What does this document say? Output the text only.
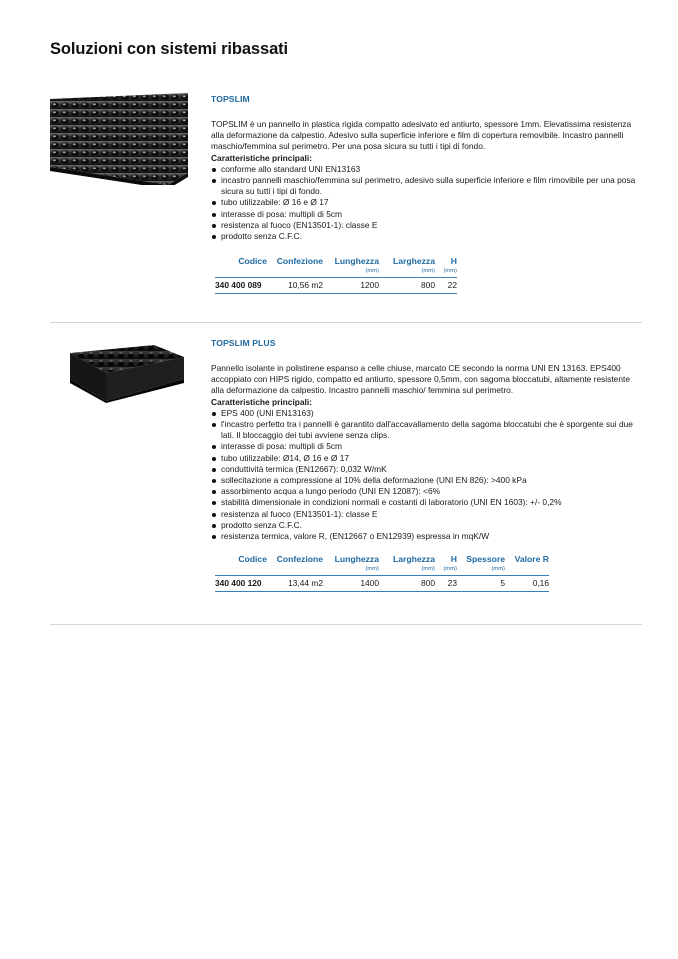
Soluzioni con sistemi ribassati
TOPSLIM

TOPSLIM è un pannello in plastica rigida compatto adesivato ed antiurto, spessore 1mm. Elevatissima resistenza alla deformazione da calpestio. Adesivo sulla superficie inferiore e film di copertura removibile. Incastro pannelli maschio/femmina sul perimetro. Per una posa sicura su tutti i tipi di fondo.

Caratteristiche principali:

conforme allo standard UNI EN13163
incastro pannelli maschio/femmina sul perimetro, adesivo sulla superficie inferiore e film rimovibile per una posa sicura su tutti i tipi di fondo.
tubo utilizzabile: Ø 16 e Ø 17
interasse di posa: multipli di 5cm
resistenza al fuoco (EN13501-1): classe E
prodotto senza C.F.C.
Codice	Confezione	Lunghezza	Larghezza	H
		(mm)	(mm)	(mm)
340 400 089	10,56 m2	1200	800	22
TOPSLIM PLUS

Pannello isolante in polistirene espanso a celle chiuse, marcato CE secondo la norma UNI EN 13163. EPS400 accoppiato con HIPS rigido, compatto ed antiurto, spessore 0,5mm, con sagoma bloccatubi, altamente resistente alla deformazione da calpestio. Incastro pannelli maschio/ femmina sul perimetro.

Caratteristiche principali:

EPS 400 (UNI EN13163)
l'incastro perfetto tra i pannelli è garantito dall'accavallamento della sagoma bloccatubi che è sporgente sui due lati. Il bloccaggio dei tubi avviene senza clips.
interasse di posa: multipli di 5cm
tubo utilizzabile: Ø14, Ø 16 e Ø 17
conduttività termica (EN12667): 0,032 W/mK
sollecitazione a compressione al 10% della deformazione (UNI EN 826): >400 kPa
assorbimento acqua a lungo periodo (UNI EN 12087): <6%
stabilità dimensionale in condizioni normali e costanti di laboratorio (UNI EN 1603): +/- 0,2%
resistenza al fuoco (EN13501-1): classe E
prodotto senza C.F.C.
resistenza termica, valore R, (EN12667 o EN12939) espressa in mqK/W
Codice	Confezione	Lunghezza	Larghezza	H	Spessore	Valore R
		(mm)	(mm)	(mm)	(mm)	
340 400 120	13,44 m2	1400	800	23	5	0,16
